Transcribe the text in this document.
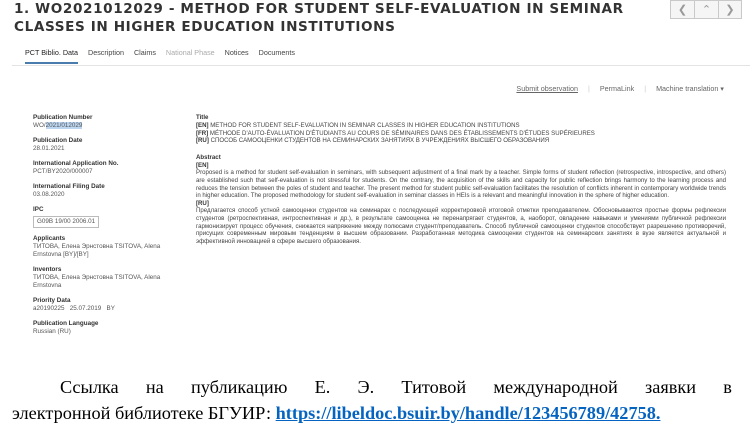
1. WO2021012029 - METHOD FOR STUDENT SELF-EVALUATION IN SEMINAR CLASSES IN HIGHER EDUCATION INSTITUTIONS
❮	⌃	❯
PCT Biblio. Data Description Claims National Phase Notices Documents
Submit observation | PermaLink | Machine translation ▾
Publication Number
WO/2021/012029
Publication Date
28.01.2021
International Application No.
PCT/BY2020/000007
International Filing Date
03.08.2020
IPC
G09B 19/00 2006.01
Applicants
ТИТОВА, Елена Эрнстовна TSITOVA, Alena Ernstovna [BY]/[BY]
Inventors
ТИТОВА, Елена Эрнстовна TSITOVA, Alena Ernstovna
Priority Data
a20190225   25.07.2019   BY
Publication Language
Russian (RU)
Title
[EN] METHOD FOR STUDENT SELF-EVALUATION IN SEMINAR CLASSES IN HIGHER EDUCATION INSTITUTIONS
[FR] MÉTHODE D'AUTO-ÉVALUATION D'ÉTUDIANTS AU COURS DE SÉMINAIRES DANS DES ÉTABLISSEMENTS D'ÉTUDES SUPÉRIEURES
[RU] СПОСОБ САМООЦЕНКИ СТУДЕНТОВ НА СЕМИНАРСКИХ ЗАНЯТИЯХ В УЧРЕЖДЕНИЯХ ВЫСШЕГО ОБРАЗОВАНИЯ
Abstract
[EN]
Proposed is a method for student self-evaluation in seminars, with subsequent adjustment of a final mark by a teacher. Simple forms of student reflection (retrospective, introspective, and others) are established such that self-evaluation is not stressful for students. On the contrary, the acquisition of the skills and capacity for public reflection brings harmony to the learning process and reduces the tension between the poles of student and teacher. The present method for student public self-evaluation facilitates the resolution of conflicts inherent in contemporary worldwide trends in higher education. The proposed methodology for student self-evaluation in seminar classes in HEIs is a relevant and meaningful innovation in the sphere of higher education.
[RU]
Предлагается способ устной самооценки студентов на семинарах с последующей корректировкой итоговой отметки преподавателем. Обосновываются простые формы рефлексии студентов (ретроспективная, интроспективная и др.), в результате самооценка не перенапрягает студентов, а, наоборот, овладение навыками и умениями публичной рефлексии гармонизирует процесс обучения, снижается напряжение между полюсами студент/преподаватель. Способ публичной самооценки студентов способствует разрешению противоречий, присущих современным мировым тенденциям в высшем образовании. Разработанная методика самооценки студентов на семинарских занятиях в вузе является актуальной и эффективной инновацией в сфере высшего образования.
Ссылка на публикацию Е. Э. Титовой международной заявки в
электронной библиотеке БГУИР: https://libeldoc.bsuir.by/handle/123456789/42758.
